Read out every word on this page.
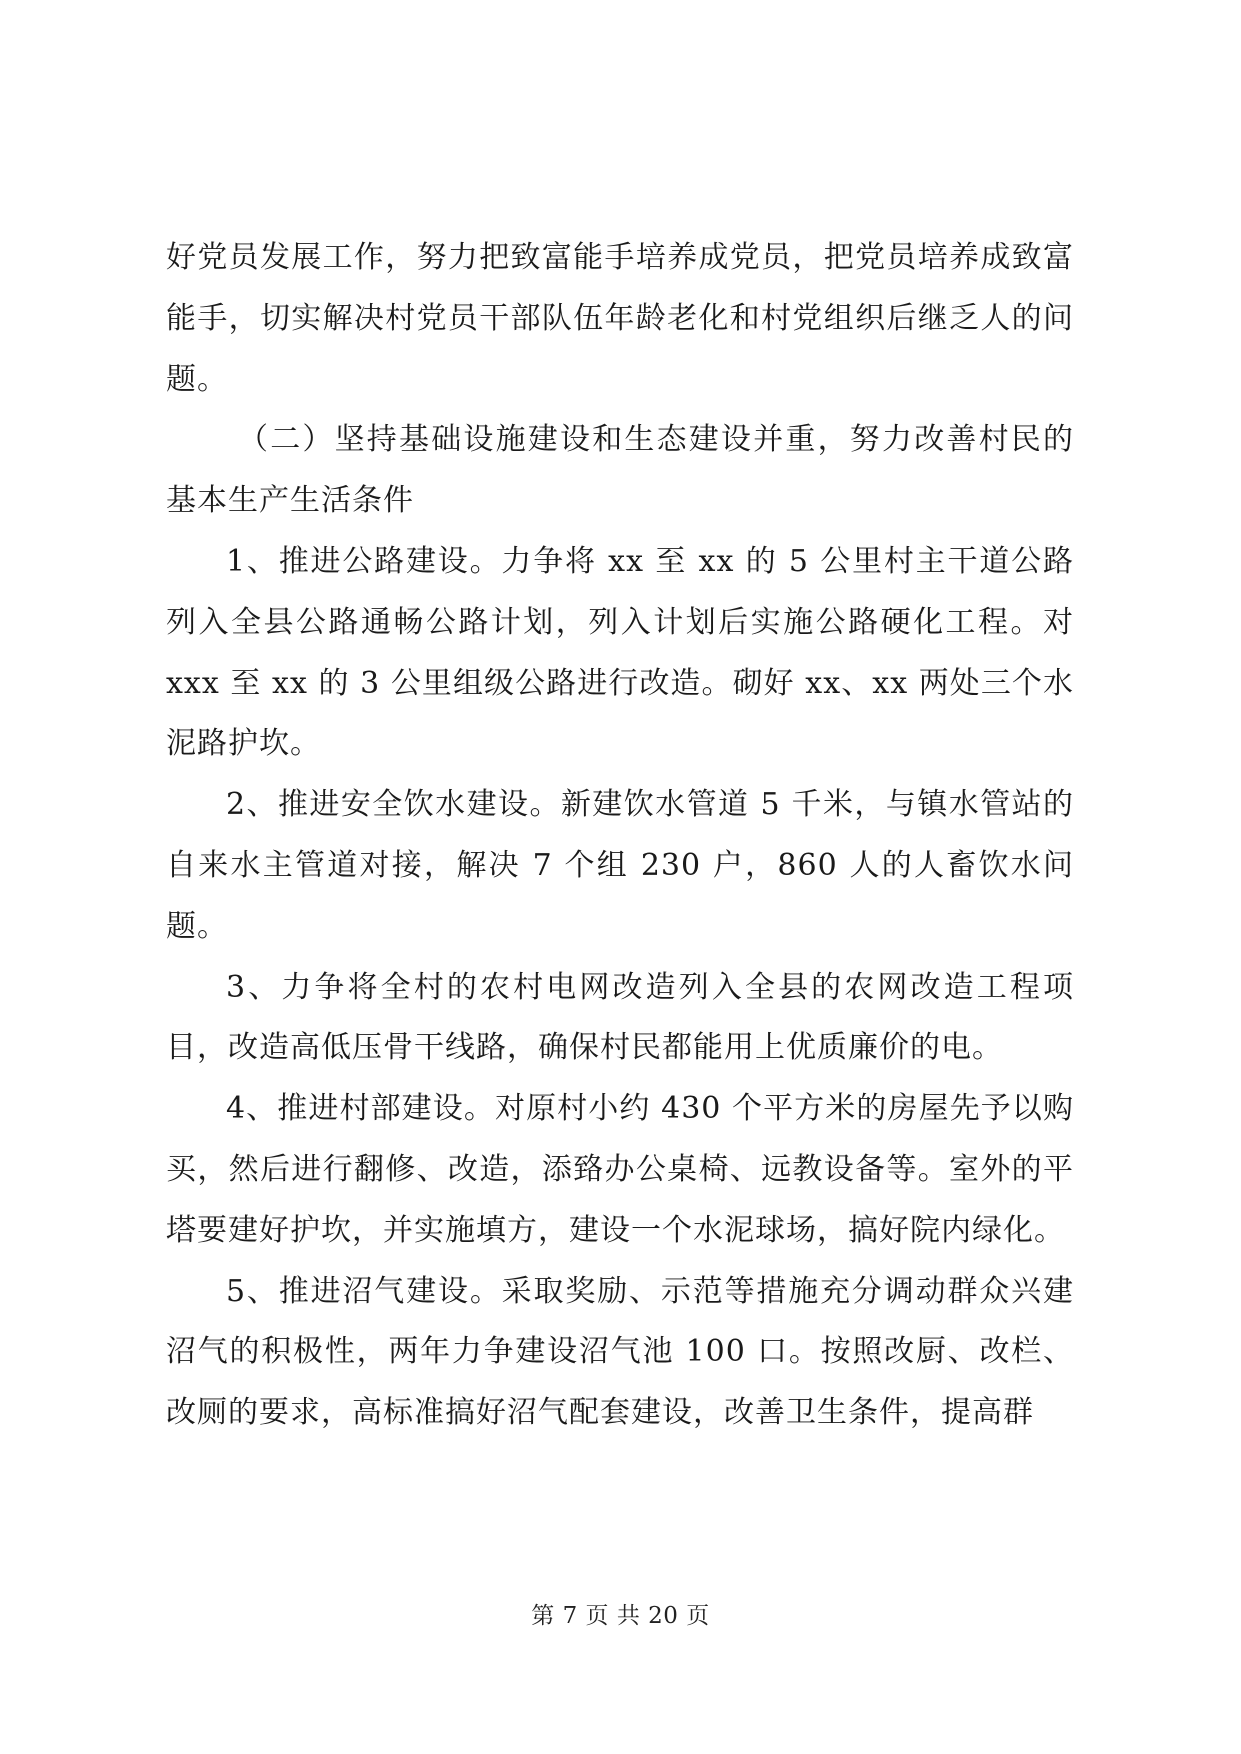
好党员发展工作，努力把致富能手培养成党员，把党员培养成致富能手，切实解决村党员干部队伍年龄老化和村党组织后继乏人的问题。

（二）坚持基础设施建设和生态建设并重，努力改善村民的基本生产生活条件

1、推进公路建设。力争将 xx 至 xx 的 5 公里村主干道公路列入全县公路通畅公路计划，列入计划后实施公路硬化工程。对 xxx 至 xx 的 3 公里组级公路进行改造。砌好 xx、xx 两处三个水泥路护坎。

2、推进安全饮水建设。新建饮水管道 5 千米，与镇水管站的自来水主管道对接，解决 7 个组 230 户，860 人的人畜饮水问题。

3、力争将全村的农村电网改造列入全县的农网改造工程项目，改造高低压骨干线路，确保村民都能用上优质廉价的电。

4、推进村部建设。对原村小约 430 个平方米的房屋先予以购买，然后进行翻修、改造，添臵办公桌椅、远教设备等。室外的平塔要建好护坎，并实施填方，建设一个水泥球场，搞好院内绿化。

5、推进沼气建设。采取奖励、示范等措施充分调动群众兴建沼气的积极性，两年力争建设沼气池 100 口。按照改厨、改栏、改厕的要求，高标准搞好沼气配套建设，改善卫生条件，提高群

第 7 页 共 20 页
